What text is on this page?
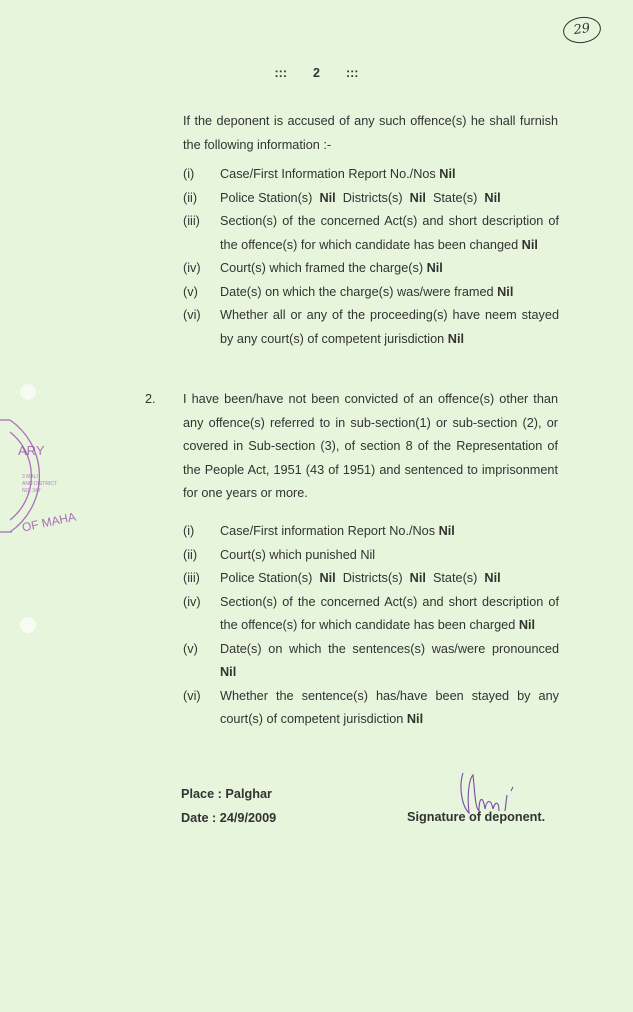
29
::: 2 :::
If the deponent is accused of any such offence(s) he shall furnish the following information :-
(i)	Case/First Information Report No./Nos Nil
(ii)	Police Station(s)  Nil  Districts(s)  Nil  State(s)  Nil
(iii)	Section(s) of the concerned Act(s) and short description of the offence(s) for which candidate has been changed Nil
(iv)	Court(s) which framed the charge(s) Nil
(v)	Date(s) on which the charge(s) was/were framed Nil
(vi)	Whether all or any of the proceeding(s) have neem stayed by any court(s) of competent jurisdiction Nil
2.	I have been/have not been convicted of an offence(s) other than any offence(s) referred to in sub-section(1) or sub-section (2), or covered in Sub-section (3), of section 8 of the Representation of the People Act, 1951 (43 of 1951) and sentenced to imprisonment for one years or more.
(i)	Case/First information Report No./Nos Nil
(ii)	Court(s) which punished Nil
(iii)	Police Station(s)  Nil  Districts(s)  Nil  State(s)  Nil
(iv)	Section(s) of the concerned Act(s) and short description of the offence(s) for which candidate has been charged Nil
(v)	Date(s) on which the sentences(s) was/were pronounced Nil
(vi)	Whether the sentence(s) has/have been stayed by any court(s) of competent jurisdiction Nil
Place : Palghar
Date : 24/9/2009	Signature of deponent.
ARY
3 MALI
AND DISTRICT
NO. 347
OF MAHA
